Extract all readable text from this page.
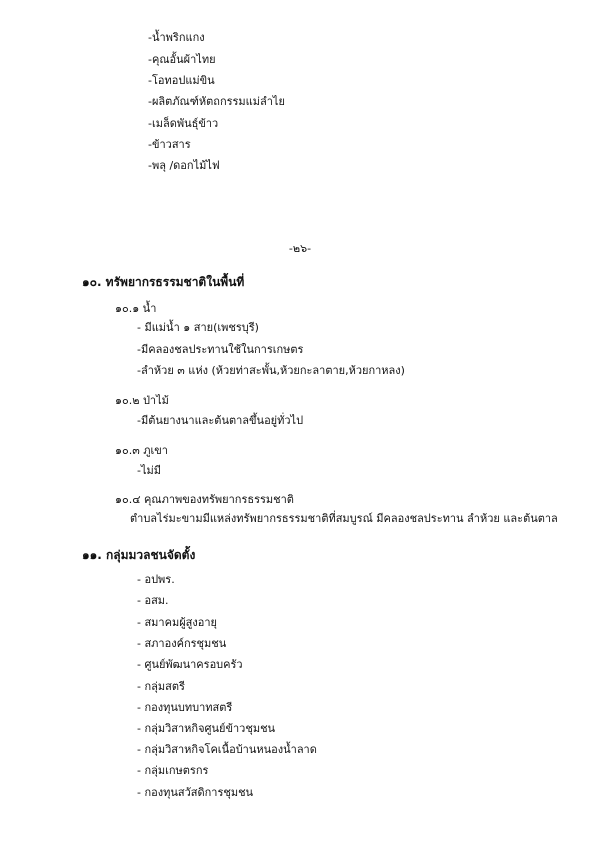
-น้ำพริกแกง
-คุณอั้นผ้าไทย
-โอทอปแม่ขิน
-ผลิตภัณฑ์หัตถกรรมแม่ลำไย
-เมล็ดพันธุ์ข้าว
-ข้าวสาร
-พลุ /ดอกไม้ไฟ
-๒๖-
๑๐. ทรัพยากรธรรมชาติในพื้นที่
๑๐.๑ น้ำ
- มีแม่น้ำ ๑ สาย(เพชรบุรี)
-มีคลองชลประทานใช้ในการเกษตร
-ลำห้วย ๓ แห่ง (ห้วยท่าสะพั้น,ห้วยกะลาตาย,ห้วยกาหลง)
๑๐.๒ ป่าไม้
-มีต้นยางนาและต้นตาลขึ้นอยู่ทั่วไป
๑๐.๓ ภูเขา
-ไม่มี
๑๐.๔ คุณภาพของทรัพยากรธรรมชาติ
ตำบลไร่มะขามมีแหล่งทรัพยากรธรรมชาติที่สมบูรณ์ มีคลองชลประทาน ลำห้วย และต้นตาล
๑๑. กลุ่มมวลชนจัดตั้ง
- อปพร.
- อสม.
- สมาคมผู้สูงอายุ
- สภาองค์กรชุมชน
- ศูนย์พัฒนาครอบครัว
- กลุ่มสตรี
- กองทุนบทบาทสตรี
- กลุ่มวิสาหกิจศูนย์ข้าวชุมชน
- กลุ่มวิสาหกิจโคเนื้อบ้านหนองน้ำลาด
- กลุ่มเกษตรกร
- กองทุนสวัสดิการชุมชน
